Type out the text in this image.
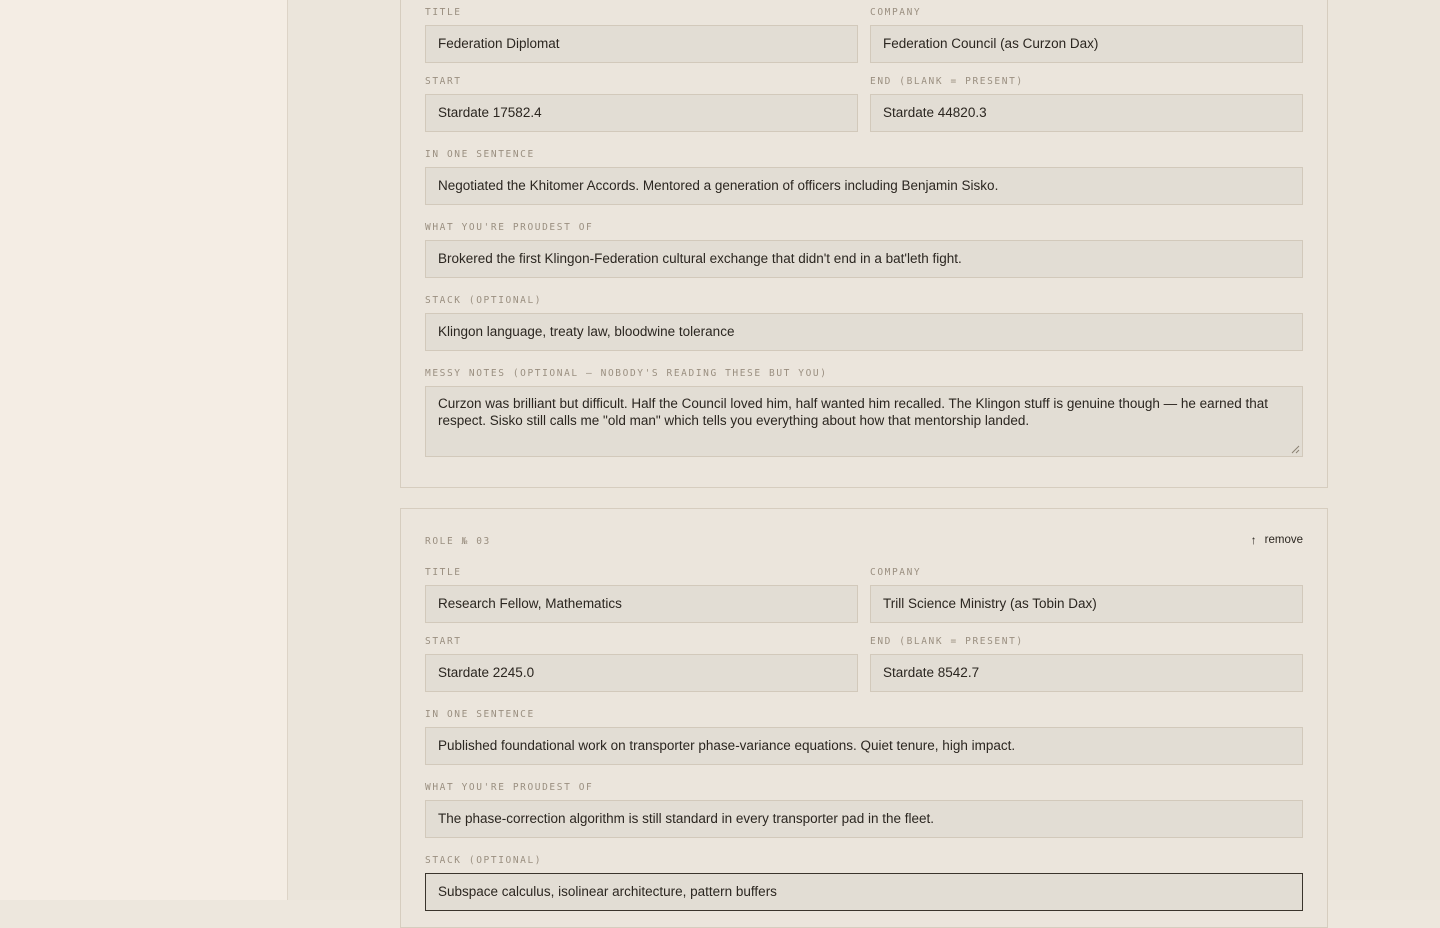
TITLE	COMPANY
Federation Diplomat	Federation Council (as Curzon Dax)
START	END (BLANK = PRESENT)
Stardate 17582.4	Stardate 44820.3
IN ONE SENTENCE
Negotiated the Khitomer Accords. Mentored a generation of officers including Benjamin Sisko.
WHAT YOU'RE PROUDEST OF
Brokered the first Klingon-Federation cultural exchange that didn't end in a bat'leth fight.
STACK (OPTIONAL)
Klingon language, treaty law, bloodwine tolerance
MESSY NOTES (OPTIONAL — NOBODY'S READING THESE BUT YOU)
Curzon was brilliant but difficult. Half the Council loved him, half wanted him recalled. The Klingon stuff is genuine though — he earned that respect. Sisko still calls me "old man" which tells you everything about how that mentorship landed.
ROLE № 03	↑ remove
TITLE	COMPANY
Research Fellow, Mathematics	Trill Science Ministry (as Tobin Dax)
START	END (BLANK = PRESENT)
Stardate 2245.0	Stardate 8542.7
IN ONE SENTENCE
Published foundational work on transporter phase-variance equations. Quiet tenure, high impact.
WHAT YOU'RE PROUDEST OF
The phase-correction algorithm is still standard in every transporter pad in the fleet.
STACK (OPTIONAL)
Subspace calculus, isolinear architecture, pattern buffers
